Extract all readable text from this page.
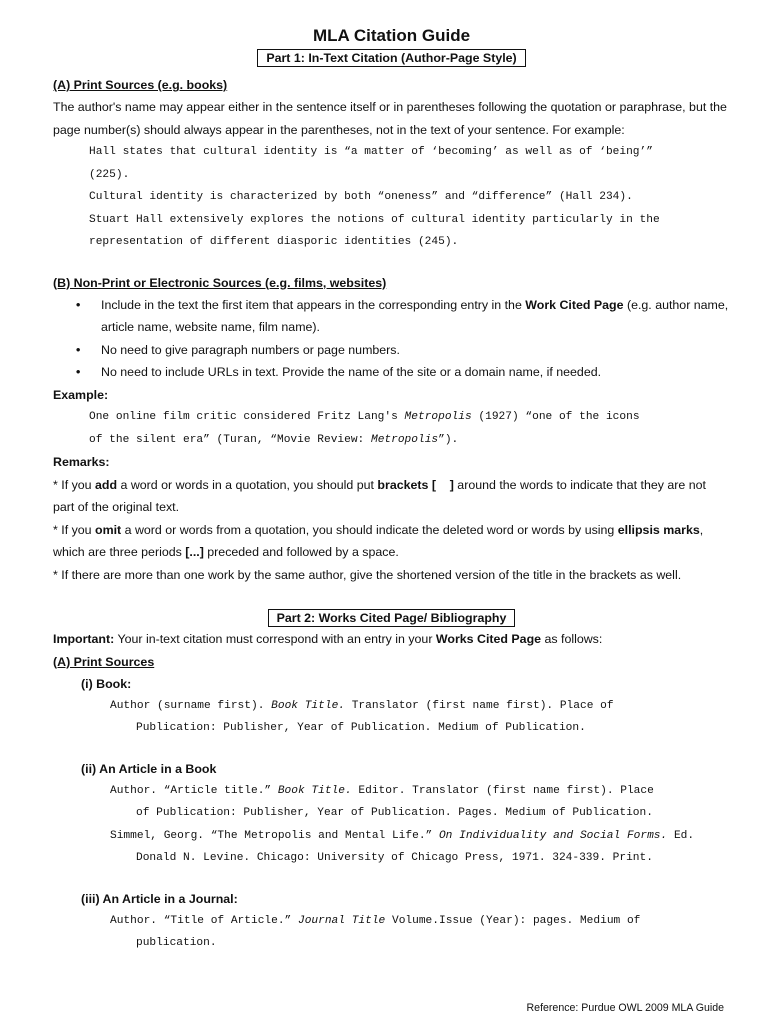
MLA Citation Guide
Part 1: In-Text Citation (Author-Page Style)
(A) Print Sources (e.g. books)

The author's name may appear either in the sentence itself or in parentheses following the quotation or paraphrase, but the

page number(s) should always appear in the parentheses, not in the text of your sentence. For example:

Hall states that cultural identity is “a matter of ‘becoming’ as well as of ‘being’”
(225).
Cultural identity is characterized by both “oneness” and “difference” (Hall 234).
Stuart Hall extensively explores the notions of cultural identity particularly in the
representation of different diasporic identities (245).
(B) Non-Print or Electronic Sources (e.g. films, websites)
• Include in the text the first item that appears in the corresponding entry in the Work Cited Page (e.g. author name,
article name, website name, film name).
• No need to give paragraph numbers or page numbers.
• No need to include URLs in text. Provide the name of the site or a domain name, if needed.

Example:

One online film critic considered Fritz Lang's Metropolis (1927) “one of the icons
of the silent era” (Turan, “Movie Review: Metropolis”).

Remarks:

* If you add a word or words in a quotation, you should put brackets [    ] around the words to indicate that they are not
part of the original text.

* If you omit a word or words from a quotation, you should indicate the deleted word or words by using ellipsis marks,
which are three periods [...] preceded and followed by a space.

* If there are more than one work by the same author, give the shortened version of the title in the brackets as well.

Part 2: Works Cited Page/ Bibliography

Important: Your in-text citation must correspond with an entry in your Works Cited Page as follows:

(A) Print Sources
(i) Book:
Author (surname first). Book Title. Translator (first name first). Place of
Publication: Publisher, Year of Publication. Medium of Publication.
(ii) An Article in a Book
Author. “Article title.” Book Title. Editor. Translator (first name first). Place
of Publication: Publisher, Year of Publication. Pages. Medium of Publication.
Simmel, Georg. “The Metropolis and Mental Life.” On Individuality and Social Forms. Ed.
Donald N. Levine. Chicago: University of Chicago Press, 1971. 324-339. Print.
(iii) An Article in a Journal:
Author. “Title of Article.” Journal Title Volume.Issue (Year): pages. Medium of
publication.
Reference: Purdue OWL 2009 MLA Guide
